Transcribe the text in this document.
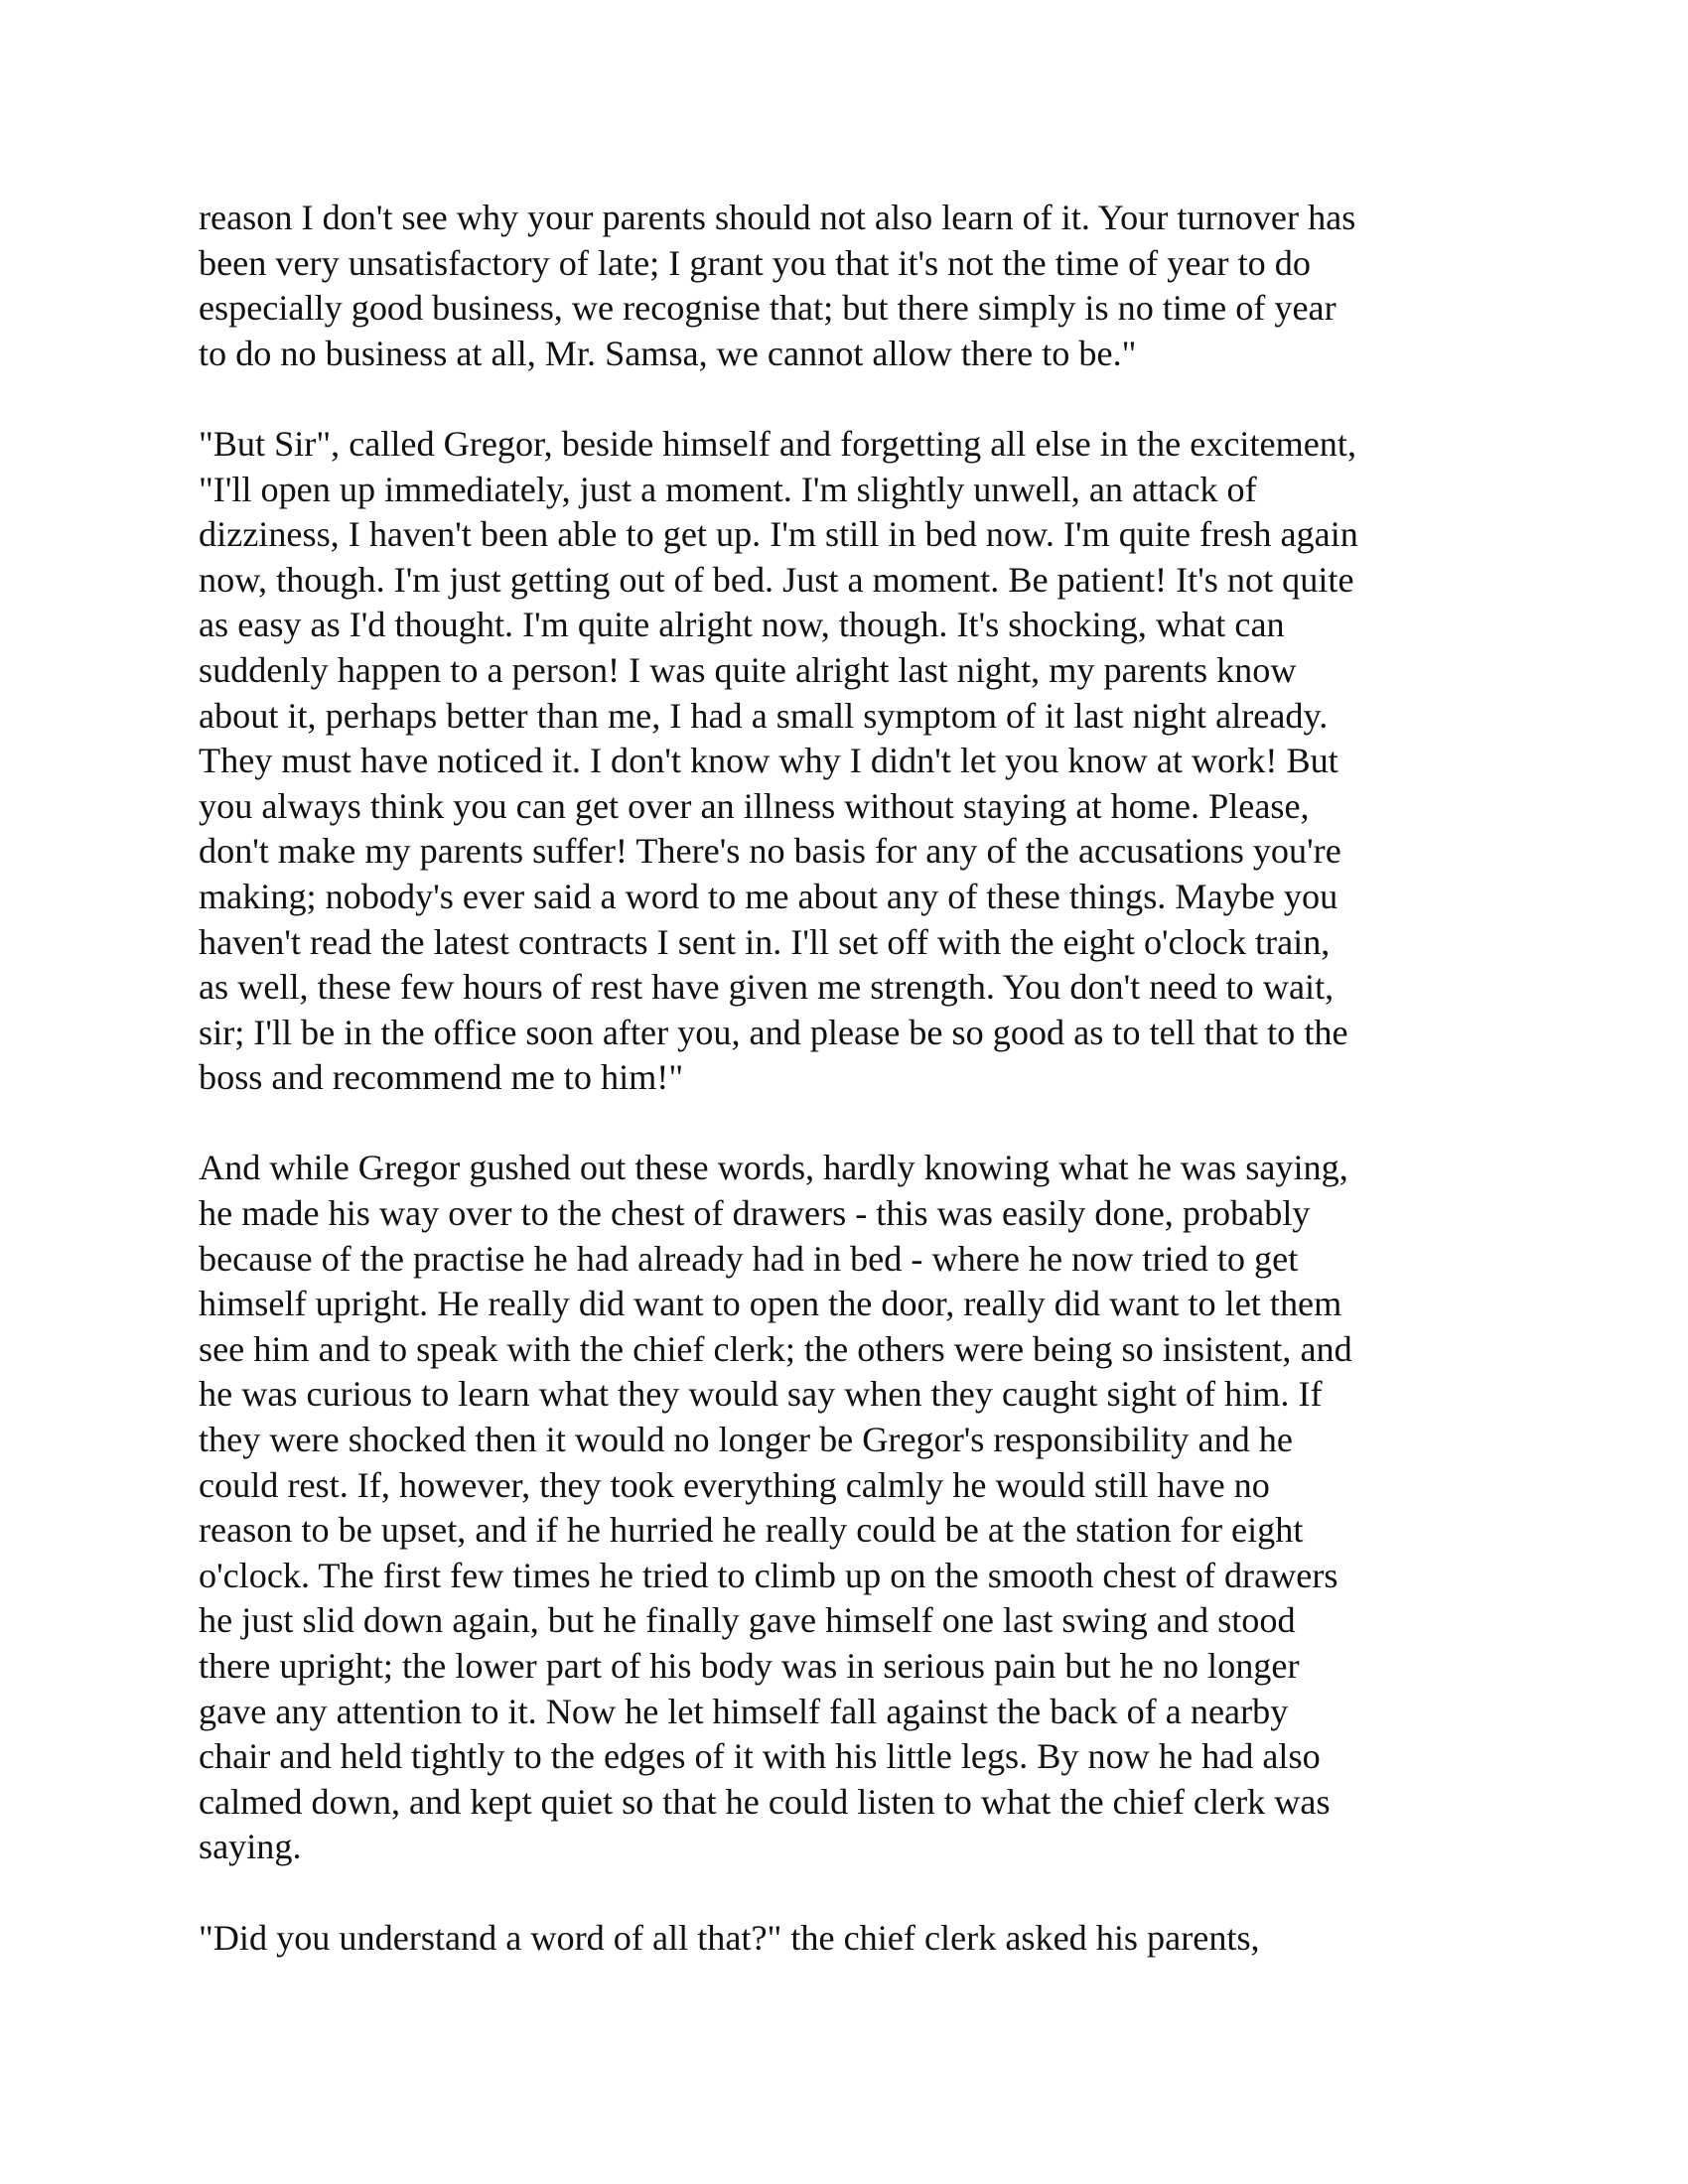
reason I don't see why your parents should not also learn of it. Your turnover has
been very unsatisfactory of late; I grant you that it's not the time of year to do
especially good business, we recognise that; but there simply is no time of year
to do no business at all, Mr. Samsa, we cannot allow there to be."

"But Sir", called Gregor, beside himself and forgetting all else in the excitement,
"I'll open up immediately, just a moment. I'm slightly unwell, an attack of
dizziness, I haven't been able to get up. I'm still in bed now. I'm quite fresh again
now, though. I'm just getting out of bed. Just a moment. Be patient! It's not quite
as easy as I'd thought. I'm quite alright now, though. It's shocking, what can
suddenly happen to a person! I was quite alright last night, my parents know
about it, perhaps better than me, I had a small symptom of it last night already.
They must have noticed it. I don't know why I didn't let you know at work! But
you always think you can get over an illness without staying at home. Please,
don't make my parents suffer! There's no basis for any of the accusations you're
making; nobody's ever said a word to me about any of these things. Maybe you
haven't read the latest contracts I sent in. I'll set off with the eight o'clock train,
as well, these few hours of rest have given me strength. You don't need to wait,
sir; I'll be in the office soon after you, and please be so good as to tell that to the
boss and recommend me to him!"

And while Gregor gushed out these words, hardly knowing what he was saying,
he made his way over to the chest of drawers - this was easily done, probably
because of the practise he had already had in bed - where he now tried to get
himself upright. He really did want to open the door, really did want to let them
see him and to speak with the chief clerk; the others were being so insistent, and
he was curious to learn what they would say when they caught sight of him. If
they were shocked then it would no longer be Gregor's responsibility and he
could rest. If, however, they took everything calmly he would still have no
reason to be upset, and if he hurried he really could be at the station for eight
o'clock. The first few times he tried to climb up on the smooth chest of drawers
he just slid down again, but he finally gave himself one last swing and stood
there upright; the lower part of his body was in serious pain but he no longer
gave any attention to it. Now he let himself fall against the back of a nearby
chair and held tightly to the edges of it with his little legs. By now he had also
calmed down, and kept quiet so that he could listen to what the chief clerk was
saying.

"Did you understand a word of all that?" the chief clerk asked his parents,
